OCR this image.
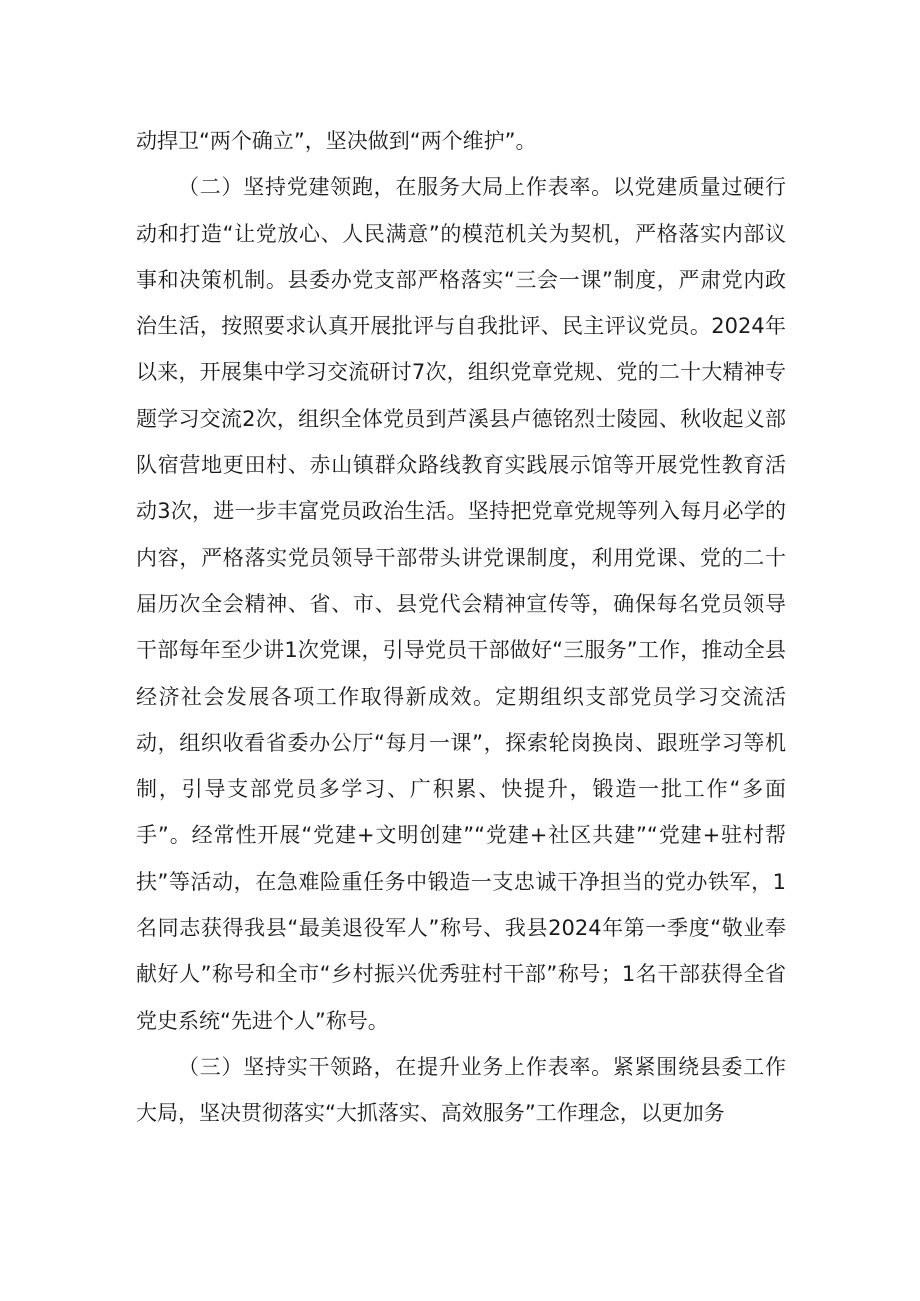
动捍卫“两个确立”，坚决做到“两个维护”。

（二）坚持党建领跑，在服务大局上作表率。以党建质量过硬行动和打造“让党放心、人民满意”的模范机关为契机，严格落实内部议事和决策机制。县委办党支部严格落实“三会一课”制度，严肃党内政治生活，按照要求认真开展批评与自我批评、民主评议党员。2024年以来，开展集中学习交流研讨7次，组织党章党规、党的二十大精神专题学习交流2次，组织全体党员到芦溪县卢德铭烈士陵园、秋收起义部队宿营地更田村、赤山镇群众路线教育实践展示馆等开展党性教育活动3次，进一步丰富党员政治生活。坚持把党章党规等列入每月必学的内容，严格落实党员领导干部带头讲党课制度，利用党课、党的二十届历次全会精神、省、市、县党代会精神宣传等，确保每名党员领导干部每年至少讲1次党课，引导党员干部做好“三服务”工作，推动全县经济社会发展各项工作取得新成效。定期组织支部党员学习交流活动，组织收看省委办公厅“每月一课”，探索轮岗换岗、跟班学习等机制，引导支部党员多学习、广积累、快提升，锻造一批工作“多面手”。经常性开展“党建+文明创建”“党建+社区共建”“党建+驻村帮扶”等活动，在急难险重任务中锻造一支忠诚干净担当的党办铁军，1名同志获得我县“最美退役军人”称号、我县2024年第一季度“敬业奉献好人”称号和全市“乡村振兴优秀驻村干部”称号；1名干部获得全省党史系统“先进个人”称号。

（三）坚持实干领路，在提升业务上作表率。紧紧围绕县委工作大局，坚决贯彻落实“大抓落实、高效服务”工作理念，以更加务
